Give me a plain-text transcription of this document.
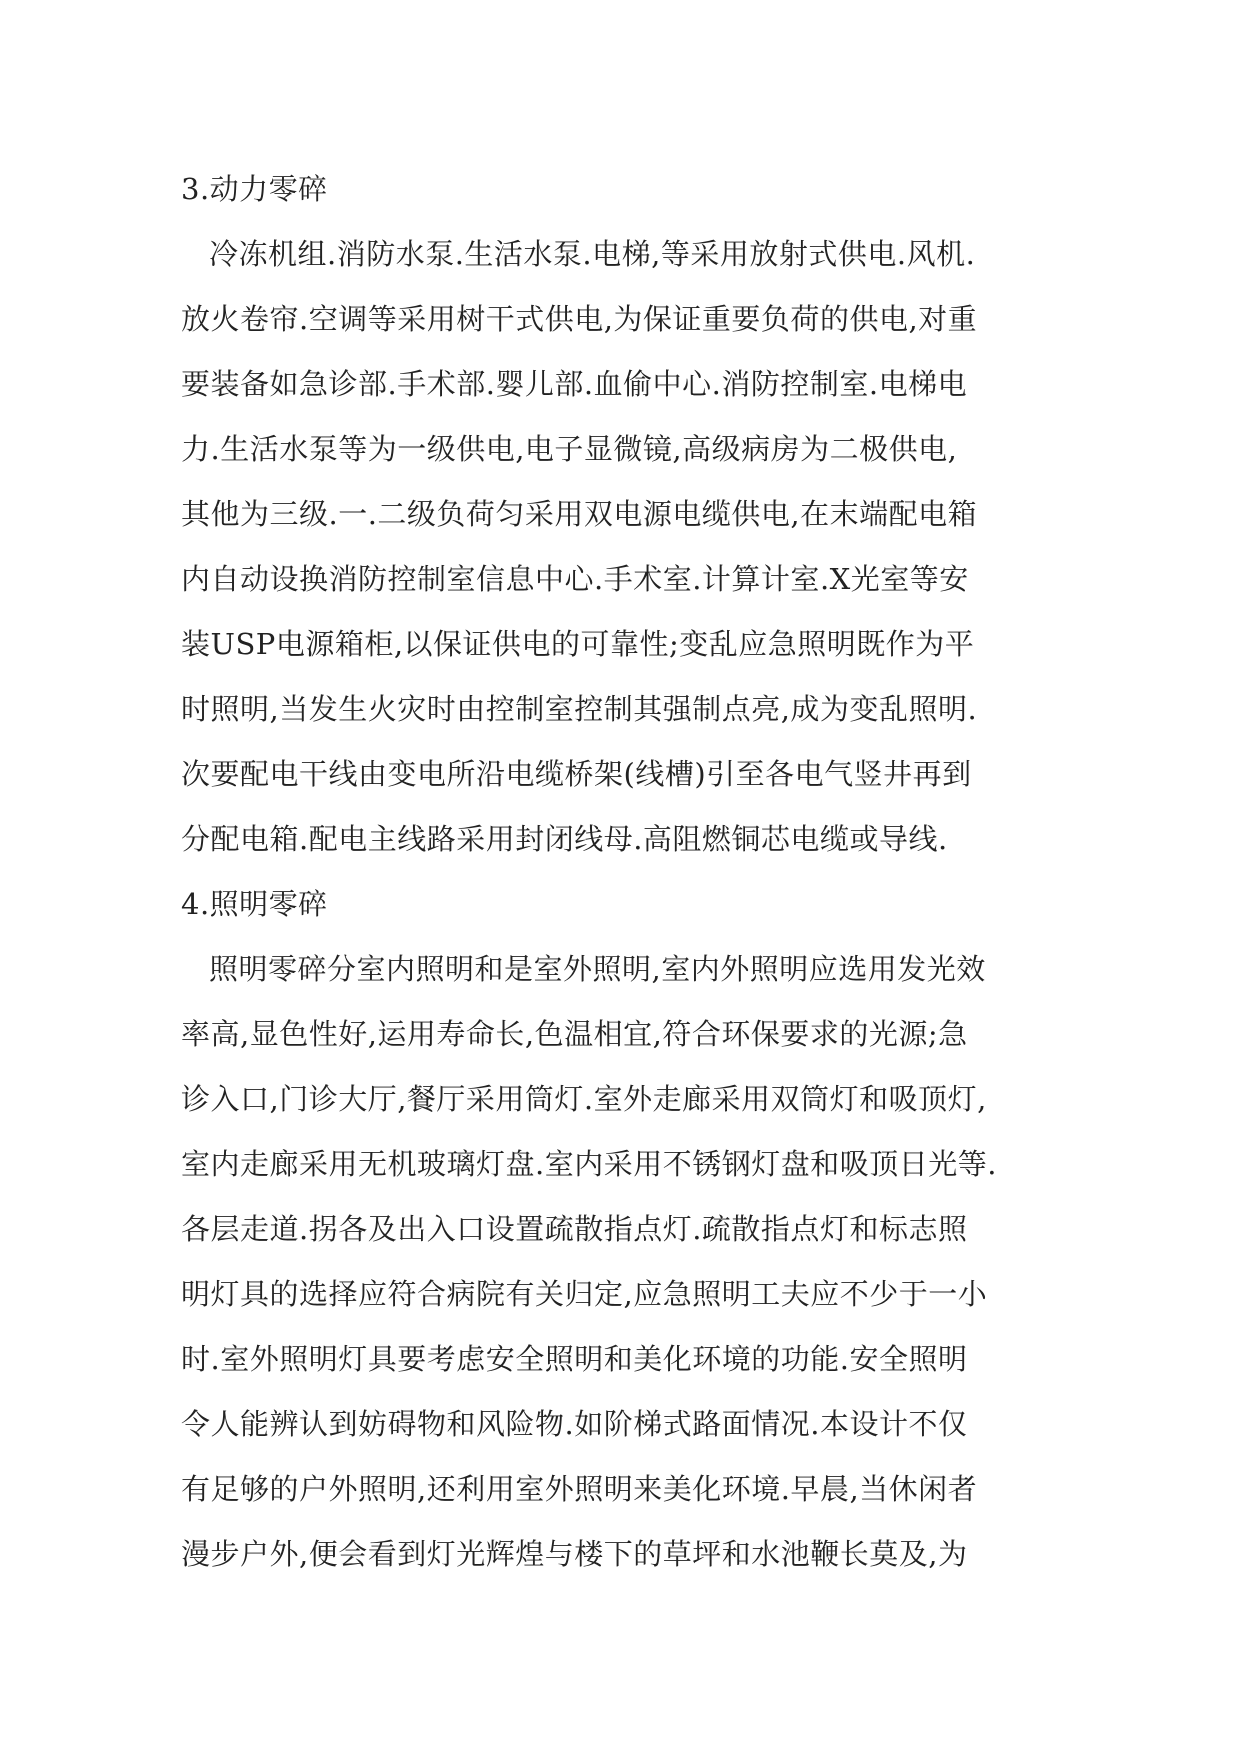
3.动力零碎
冷冻机组.消防水泵.生活水泵.电梯,等采用放射式供电.风机.
放火卷帘.空调等采用树干式供电,为保证重要负荷的供电,对重
要装备如急诊部.手术部.婴儿部.血偷中心.消防控制室.电梯电
力.生活水泵等为一级供电,电子显微镜,高级病房为二极供电,
其他为三级.一.二级负荷匀采用双电源电缆供电,在末端配电箱
内自动设换消防控制室信息中心.手术室.计算计室.X光室等安
装USP电源箱柜,以保证供电的可靠性;变乱应急照明既作为平
时照明,当发生火灾时由控制室控制其强制点亮,成为变乱照明.
次要配电干线由变电所沿电缆桥架(线槽)引至各电气竖井再到
分配电箱.配电主线路采用封闭线母.高阻燃铜芯电缆或导线.
4.照明零碎
照明零碎分室内照明和是室外照明,室内外照明应选用发光效
率高,显色性好,运用寿命长,色温相宜,符合环保要求的光源;急
诊入口,门诊大厅,餐厅采用筒灯.室外走廊采用双筒灯和吸顶灯,
室内走廊采用无机玻璃灯盘.室内采用不锈钢灯盘和吸顶日光等.
各层走道.拐各及出入口设置疏散指点灯.疏散指点灯和标志照
明灯具的选择应符合病院有关归定,应急照明工夫应不少于一小
时.室外照明灯具要考虑安全照明和美化环境的功能.安全照明
令人能辨认到妨碍物和风险物.如阶梯式路面情况.本设计不仅
有足够的户外照明,还利用室外照明来美化环境.早晨,当休闲者
漫步户外,便会看到灯光辉煌与楼下的草坪和水池鞭长莫及,为
